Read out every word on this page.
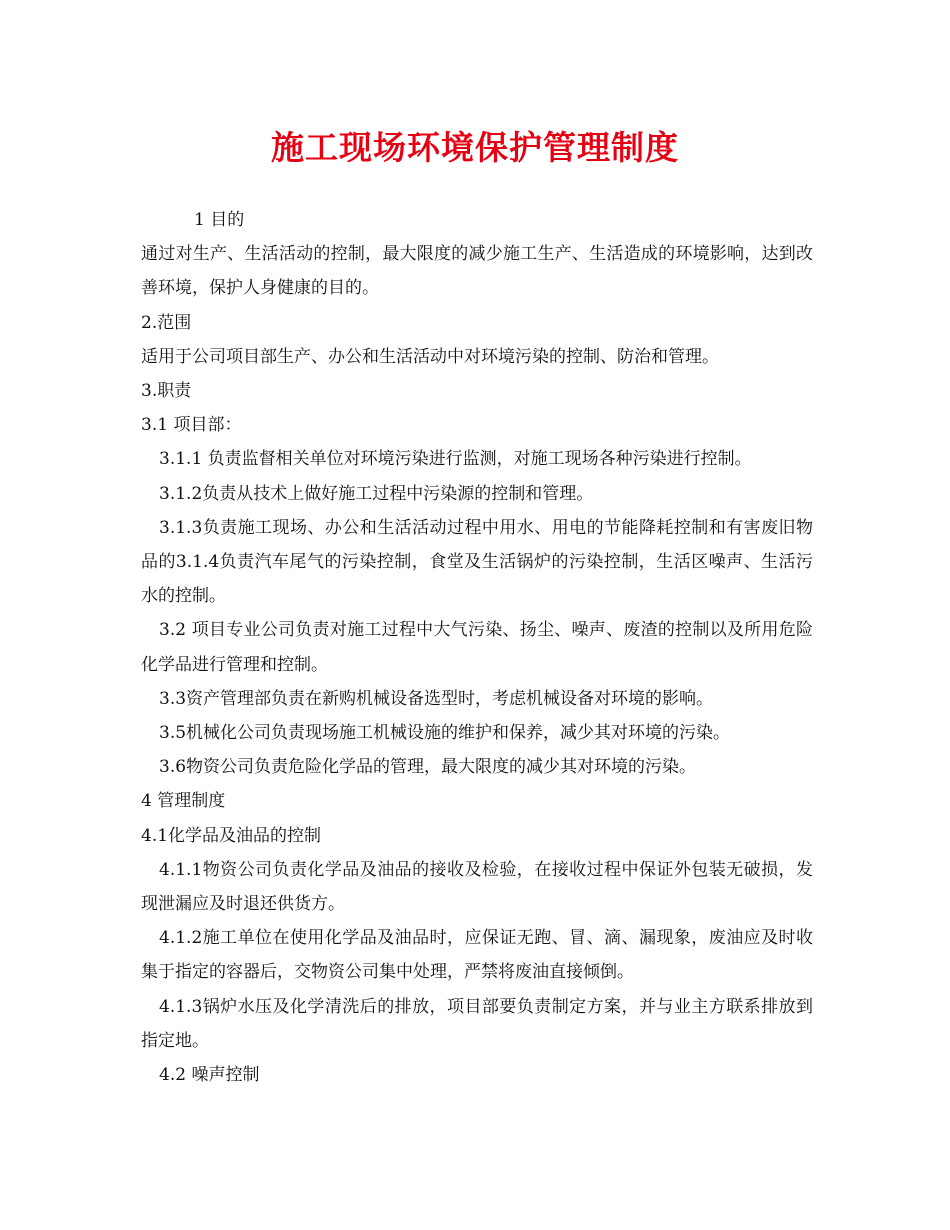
施工现场环境保护管理制度

1 目的

通过对生产、生活活动的控制，最大限度的减少施工生产、生活造成的环境影响，达到改善环境，保护人身健康的目的。

2.范围

适用于公司项目部生产、办公和生活活动中对环境污染的控制、防治和管理。

3.职责

3.1 项目部：

3.1.1 负责监督相关单位对环境污染进行监测，对施工现场各种污染进行控制。

3.1.2负责从技术上做好施工过程中污染源的控制和管理。

3.1.3负责施工现场、办公和生活活动过程中用水、用电的节能降耗控制和有害废旧物品的3.1.4负责汽车尾气的污染控制，食堂及生活锅炉的污染控制，生活区噪声、生活污水的控制。

3.2 项目专业公司负责对施工过程中大气污染、扬尘、噪声、废渣的控制以及所用危险化学品进行管理和控制。

3.3资产管理部负责在新购机械设备选型时，考虑机械设备对环境的影响。

3.5机械化公司负责现场施工机械设施的维护和保养，减少其对环境的污染。

3.6物资公司负责危险化学品的管理，最大限度的减少其对环境的污染。

4 管理制度

4.1化学品及油品的控制

4.1.1物资公司负责化学品及油品的接收及检验，在接收过程中保证外包装无破损，发现泄漏应及时退还供货方。

4.1.2施工单位在使用化学品及油品时，应保证无跑、冒、滴、漏现象，废油应及时收集于指定的容器后，交物资公司集中处理，严禁将废油直接倾倒。

4.1.3锅炉水压及化学清洗后的排放，项目部要负责制定方案，并与业主方联系排放到指定地。

4.2 噪声控制
